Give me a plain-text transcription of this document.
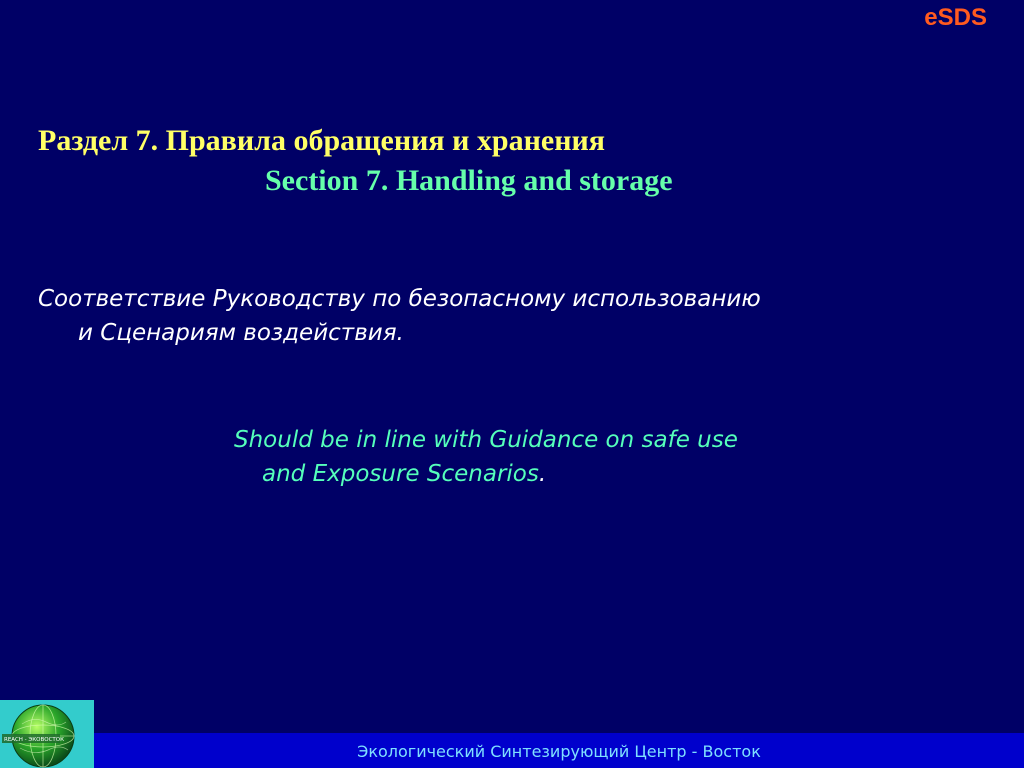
eSDS
Раздел 7. Правила обращения и хранения
Section 7. Handling and storage
Соответствие Руководству по безопасному использованию
и Сценариям воздействия.
Should be in line with Guidance on safe use
and Exposure Scenarios.
REACH - ЭКОВОСТОК
Экологический Синтезирующий Центр - Восток
